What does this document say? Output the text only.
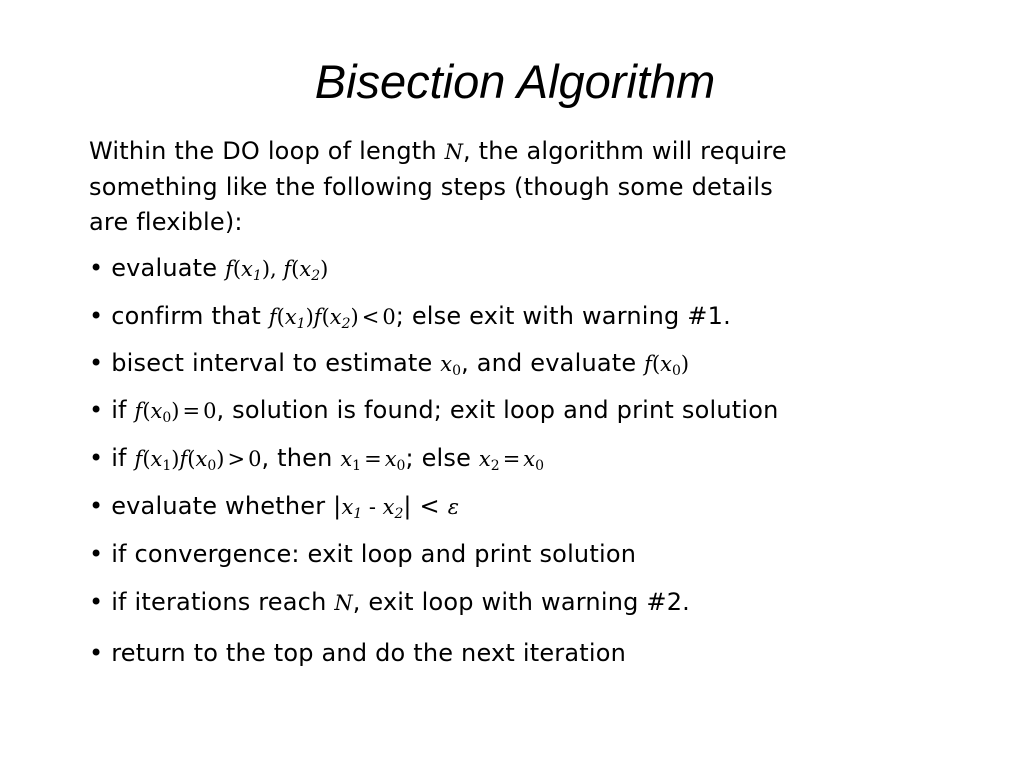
Bisection Algorithm

Within the DO loop of length N, the algorithm will require
something like the following steps (though some details
are flexible):

• evaluate $f(x_1)$, $f(x_2)$

• confirm that $f(x_1)f(x_2) < 0$; else exit with warning #1.

• bisect interval to estimate $x_0$, and evaluate $f(x_0)$

• if $f(x_0) = 0$, solution is found; exit loop and print solution

• if $f(x_1)f(x_0) > 0$, then $x_1 = x_0$; else $x_2 = x_0$

• evaluate whether $|x_1 - x_2| < \varepsilon$

• if convergence: exit loop and print solution

• if iterations reach N, exit loop with warning #2.

• return to the top and do the next iteration
